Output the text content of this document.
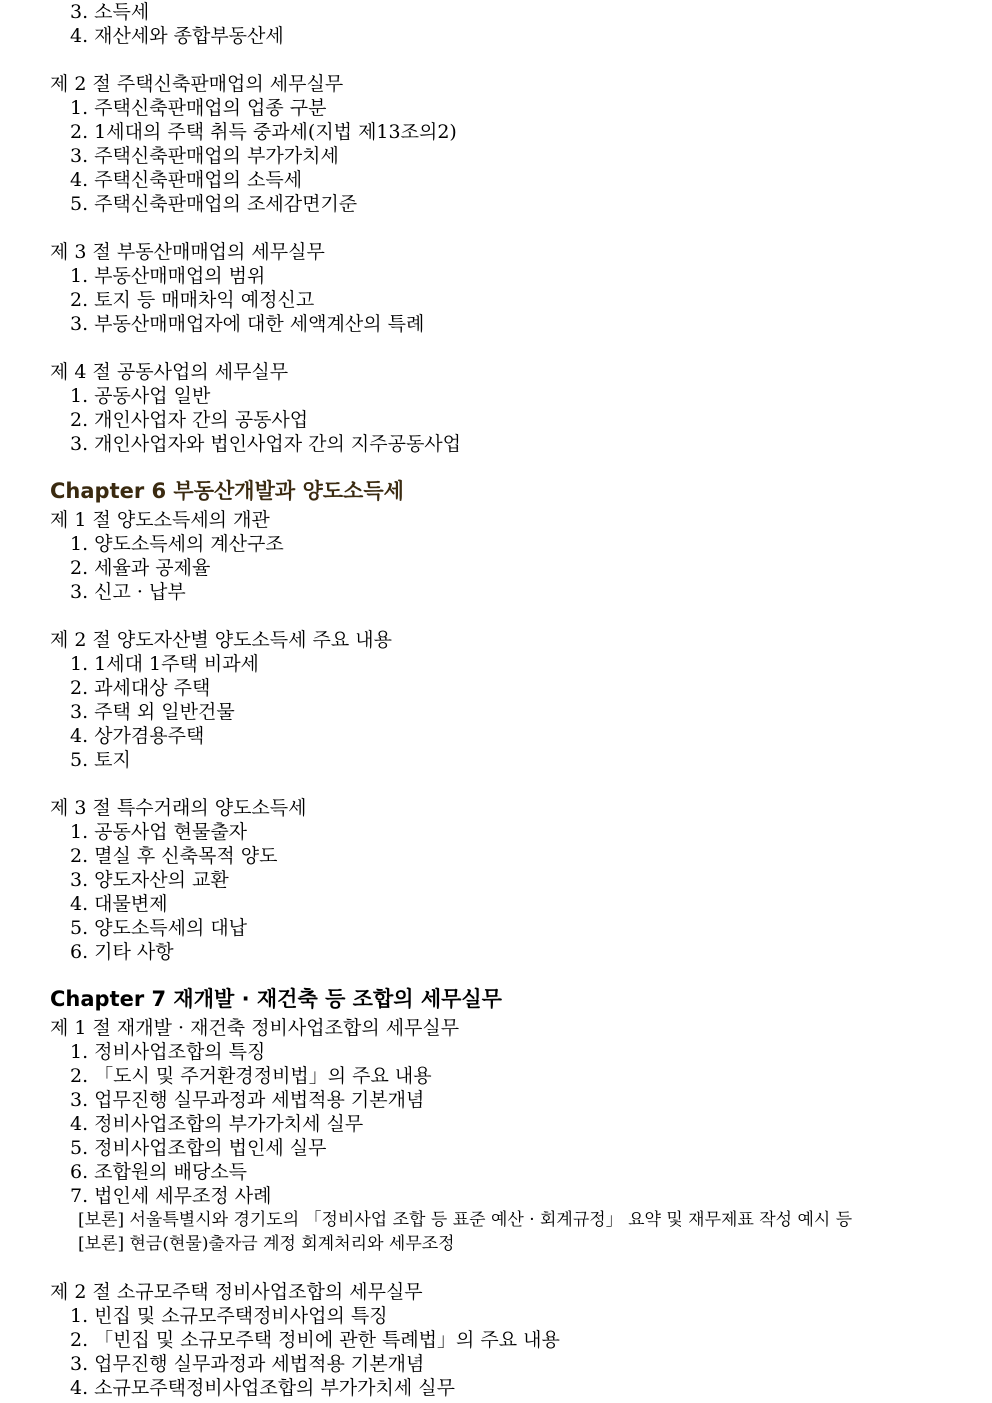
3. 소득세
4. 재산세와 종합부동산세
제 2 절 주택신축판매업의 세무실무
1. 주택신축판매업의 업종 구분
2. 1세대의 주택 취득 중과세(지법 제13조의2)
3. 주택신축판매업의 부가가치세
4. 주택신축판매업의 소득세
5. 주택신축판매업의 조세감면기준
제 3 절 부동산매매업의 세무실무
1. 부동산매매업의 범위
2. 토지 등 매매차익 예정신고
3. 부동산매매업자에 대한 세액계산의 특례
제 4 절 공동사업의 세무실무
1. 공동사업 일반
2. 개인사업자 간의 공동사업
3. 개인사업자와 법인사업자 간의 지주공동사업
Chapter 6 부동산개발과 양도소득세
제 1 절 양도소득세의 개관
1. 양도소득세의 계산구조
2. 세율과 공제율
3. 신고 · 납부
제 2 절 양도자산별 양도소득세 주요 내용
1. 1세대 1주택 비과세
2. 과세대상 주택
3. 주택 외 일반건물
4. 상가겸용주택
5. 토지
제 3 절 특수거래의 양도소득세
1. 공동사업 현물출자
2. 멸실 후 신축목적 양도
3. 양도자산의 교환
4. 대물변제
5. 양도소득세의 대납
6. 기타 사항
Chapter 7 재개발 · 재건축 등 조합의 세무실무
제 1 절 재개발 · 재건축 정비사업조합의 세무실무
1. 정비사업조합의 특징
2. 「도시 및 주거환경정비법」의 주요 내용
3. 업무진행 실무과정과 세법적용 기본개념
4. 정비사업조합의 부가가치세 실무
5. 정비사업조합의 법인세 실무
6. 조합원의 배당소득
7. 법인세 세무조정 사례
[보론] 서울특별시와 경기도의 「정비사업 조합 등 표준 예산 · 회계규정」 요약 및 재무제표 작성 예시 등
[보론] 현금(현물)출자금 계정 회계처리와 세무조정
제 2 절 소규모주택 정비사업조합의 세무실무
1. 빈집 및 소규모주택정비사업의 특징
2. 「빈집 및 소규모주택 정비에 관한 특례법」의 주요 내용
3. 업무진행 실무과정과 세법적용 기본개념
4. 소규모주택정비사업조합의 부가가치세 실무
